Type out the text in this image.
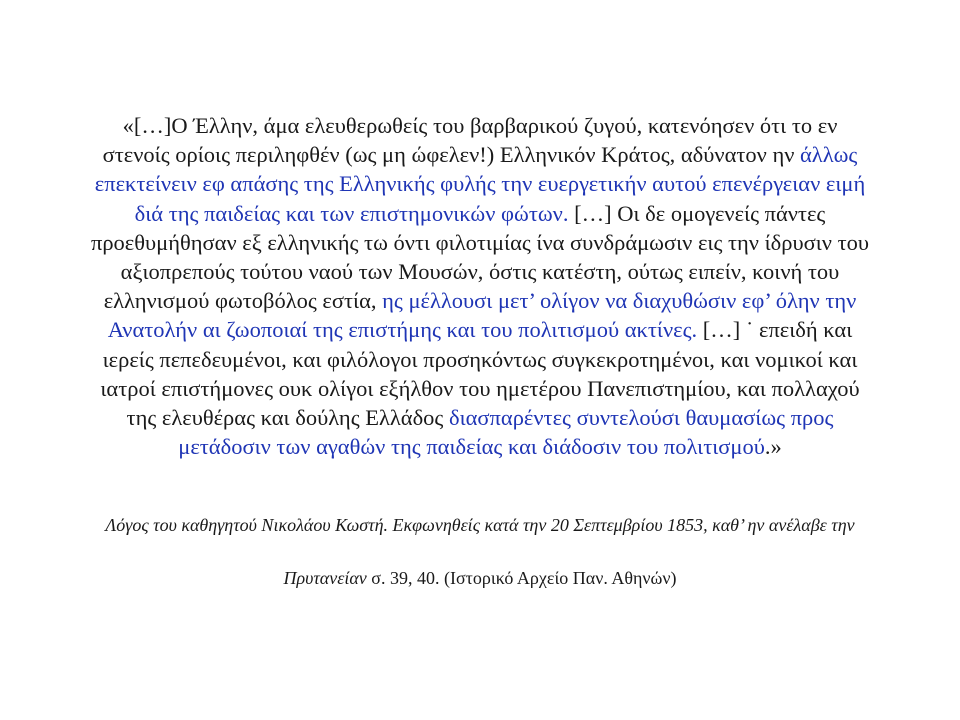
«[…]Ο Έλλην, άμα ελευθερωθείς του βαρβαρικού ζυγού, κατενόησεν ότι το εν
στενοίς ορίοις περιληφθέν (ως μη ώφελεν!) Ελληνικόν Κράτος, αδύνατον ην άλλως
επεκτείνειν εφ απάσης της Ελληνικής φυλής την ευεργετικήν αυτού επενέργειαν ειμή
διά της παιδείας και των επιστημονικών φώτων. […] Οι δε ομογενείς πάντες
προεθυμήθησαν εξ ελληνικής τω όντι φιλοτιμίας ίνα συνδράμωσιν εις την ίδρυσιν του
αξιοπρεπούς τούτου ναού των Μουσών, όστις κατέστη, ούτως ειπείν, κοινή του
ελληνισμού φωτοβόλος εστία, ης μέλλουσι μετ’ ολίγον να διαχυθώσιν εφ’ όλην την
Ανατολήν αι ζωοποιαί της επιστήμης και του πολιτισμού ακτίνες. […] ˙ επειδή και
ιερείς πεπεδευμένοι, και φιλόλογοι προσηκόντως συγκεκροτημένοι, και νομικοί και
ιατροί επιστήμονες ουκ ολίγοι εξήλθον του ημετέρου Πανεπιστημίου, και πολλαχού
της ελευθέρας και δούλης Ελλάδος διασπαρέντες συντελούσι θαυμασίως προς
μετάδοσιν των αγαθών της παιδείας και διάδοσιν του πολιτισμού.»

Λόγος του καθηγητού Νικολάου Κωστή. Εκφωνηθείς κατά την 20 Σεπτεμβρίου 1853, καθ’ ην ανέλαβε την

Πρυτανείαν σ. 39, 40. (Ιστορικό Αρχείο Παν. Αθηνών)
